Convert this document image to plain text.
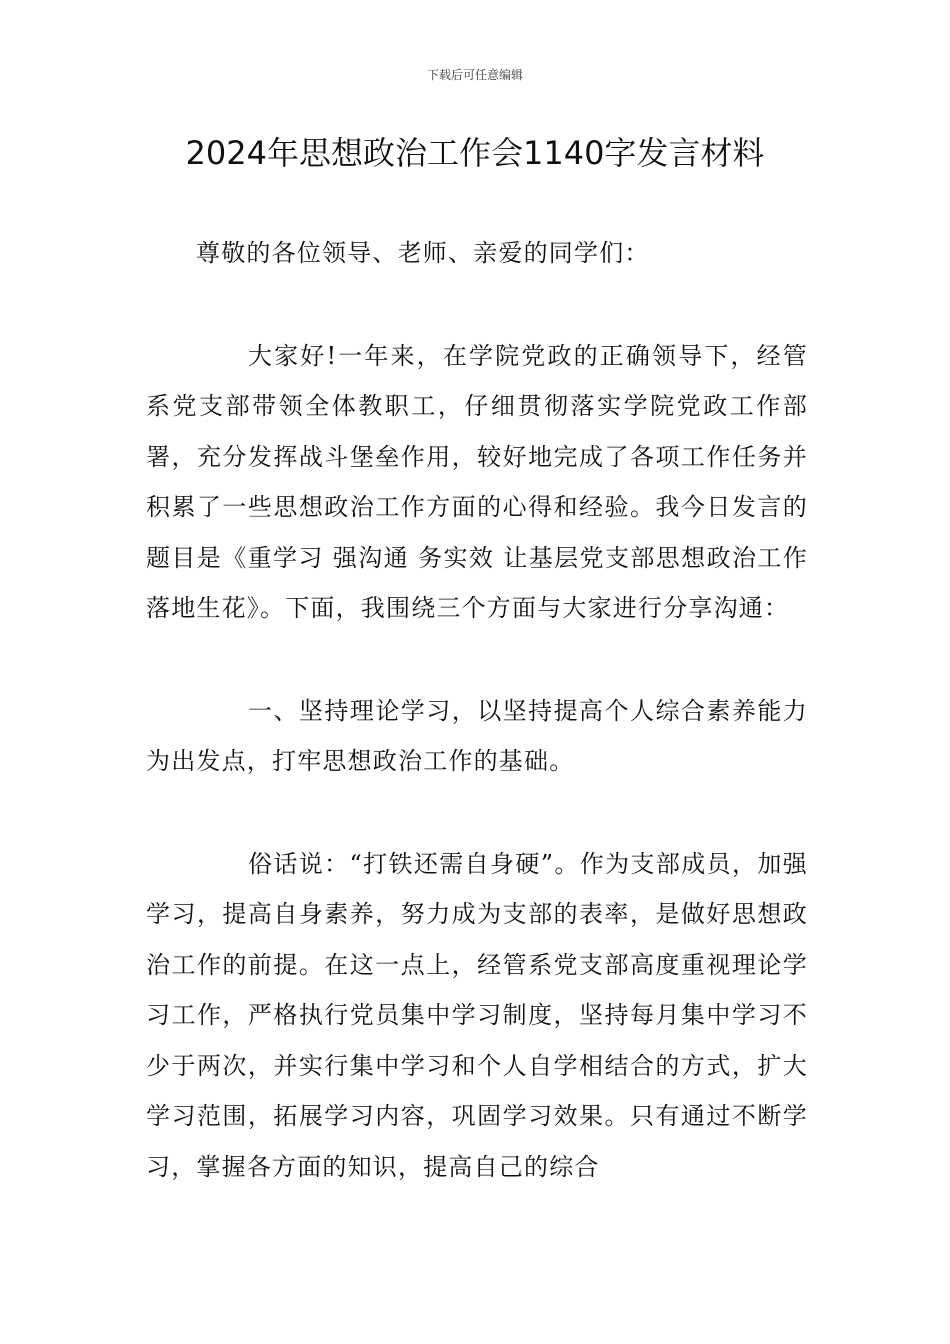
下载后可任意编辑
2024年思想政治工作会1140字发言材料

尊敬的各位领导、老师、亲爱的同学们：

大家好!一年来，在学院党政的正确领导下，经管系党支部带领全体教职工，仔细贯彻落实学院党政工作部署，充分发挥战斗堡垒作用，较好地完成了各项工作任务并积累了一些思想政治工作方面的心得和经验。我今日发言的题目是《重学习 强沟通 务实效 让基层党支部思想政治工作落地生花》。下面，我围绕三个方面与大家进行分享沟通：

一、坚持理论学习，以坚持提高个人综合素养能力为出发点，打牢思想政治工作的基础。

俗话说：“打铁还需自身硬”。作为支部成员，加强学习，提高自身素养，努力成为支部的表率，是做好思想政治工作的前提。在这一点上，经管系党支部高度重视理论学习工作，严格执行党员集中学习制度，坚持每月集中学习不少于两次，并实行集中学习和个人自学相结合的方式，扩大学习范围，拓展学习内容，巩固学习效果。只有通过不断学习，掌握各方面的知识，提高自己的综合
